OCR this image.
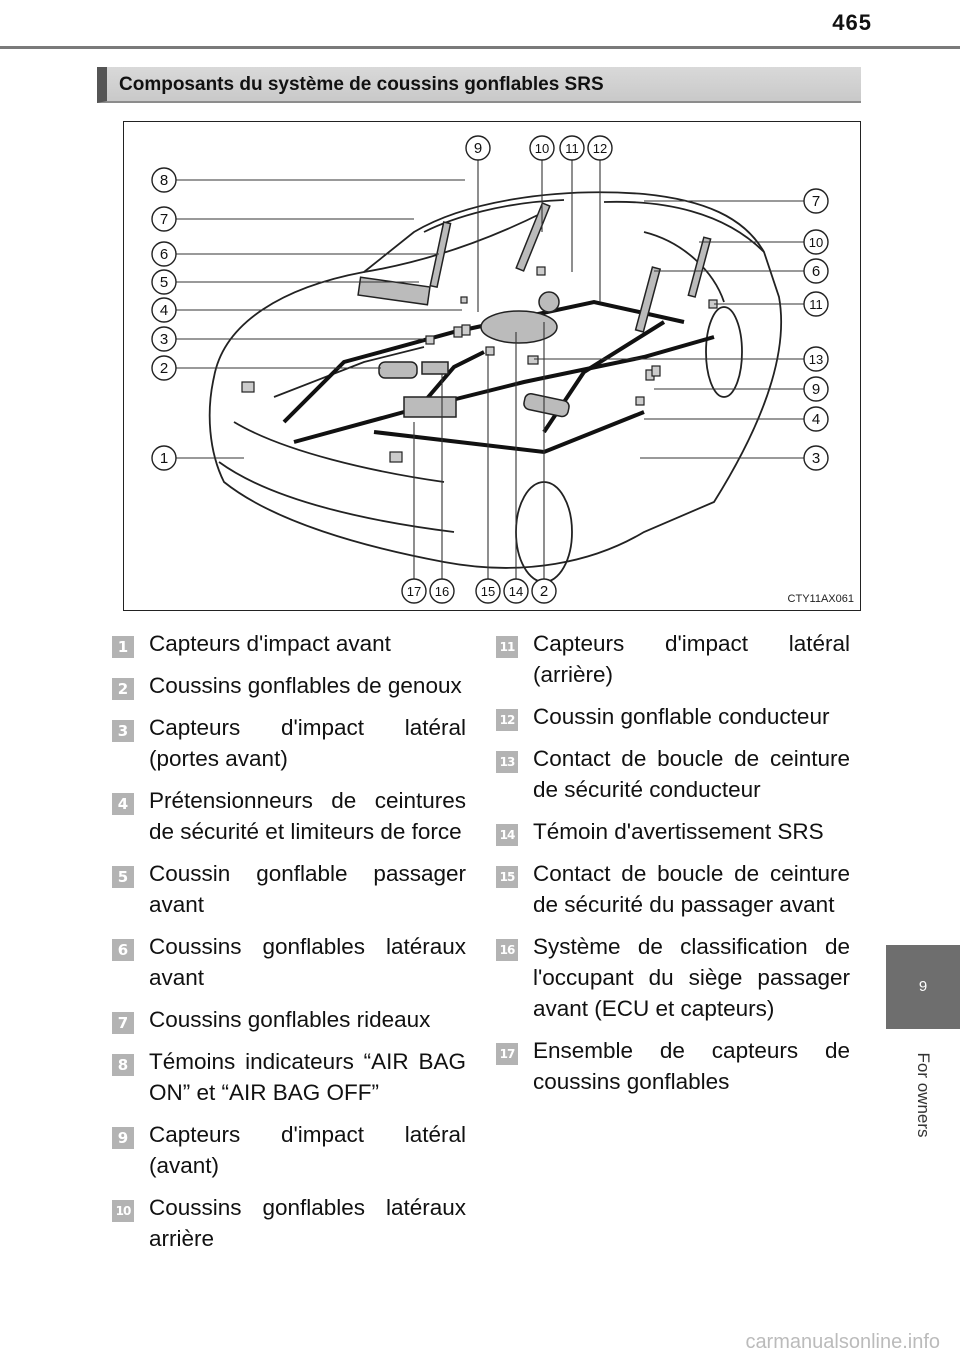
465
Composants du système de coussins gonflables SRS
8
7
6
5
4
3
2
1
9	10 11 12
7
10
6
11
13
9
4
3
17 16 15 14 2	CTY11AX061
9
For owners
1 Capteurs d'impact avant
2 Coussins gonflables de genoux
3 Capteurs d'impact latéral (portes avant)
4 Prétensionneurs de ceintures de sécurité et limiteurs de force
5 Coussin gonflable passager avant
6 Coussins gonflables latéraux avant
7 Coussins gonflables rideaux
8 Témoins indicateurs “AIR BAG ON” et “AIR BAG OFF”
9 Capteurs d'impact latéral (avant)
10 Coussins gonflables latéraux arrière
11 Capteurs d'impact latéral (arrière)
12 Coussin gonflable conducteur
13 Contact de boucle de ceinture de sécurité conducteur
14 Témoin d'avertissement SRS
15 Contact de boucle de ceinture de sécurité du passager avant
16 Système de classification de l'occupant du siège passager avant (ECU et capteurs)
17 Ensemble de capteurs de coussins gonflables
carmanualsonline.info
